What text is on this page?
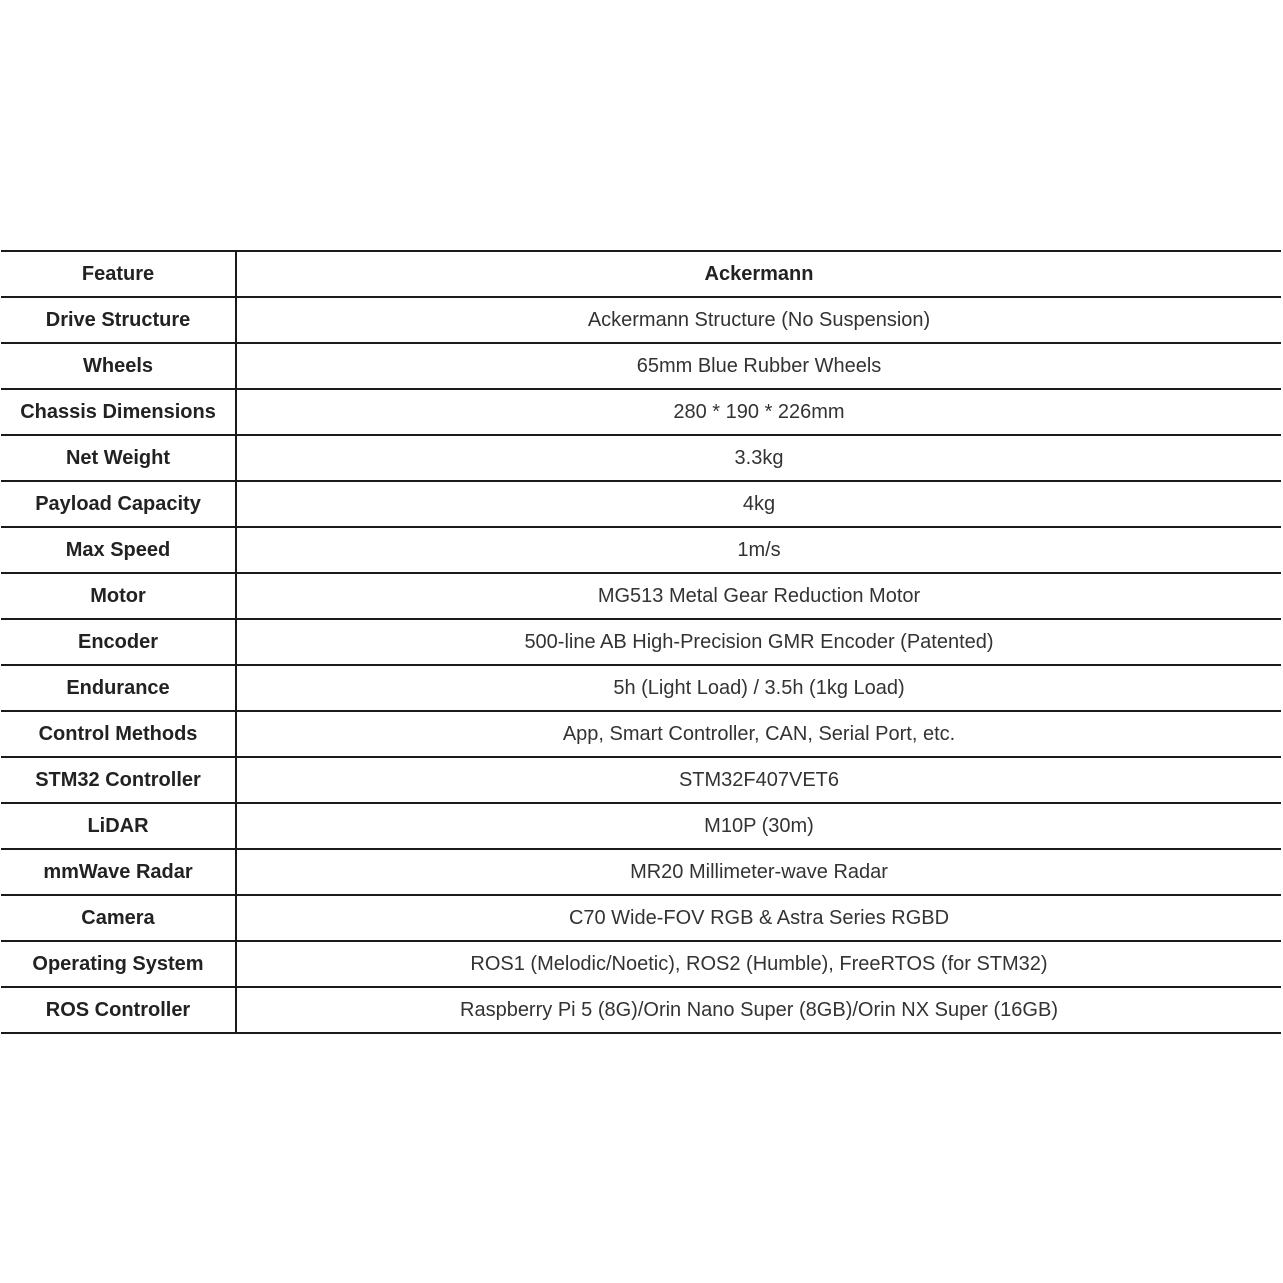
Feature	Ackermann
Drive Structure	Ackermann Structure (No Suspension)
Wheels	65mm Blue Rubber Wheels
Chassis Dimensions	280 * 190 * 226mm
Net Weight	3.3kg
Payload Capacity	4kg
Max Speed	1m/s
Motor	MG513 Metal Gear Reduction Motor
Encoder	500-line AB High-Precision GMR Encoder (Patented)
Endurance	5h (Light Load) / 3.5h (1kg Load)
Control Methods	App, Smart Controller, CAN, Serial Port, etc.
STM32 Controller	STM32F407VET6
LiDAR	M10P (30m)
mmWave Radar	MR20 Millimeter-wave Radar
Camera	C70 Wide-FOV RGB & Astra Series RGBD
Operating System	ROS1 (Melodic/Noetic), ROS2 (Humble), FreeRTOS (for STM32)
ROS Controller	Raspberry Pi 5 (8G)/Orin Nano Super (8GB)/Orin NX Super (16GB)
